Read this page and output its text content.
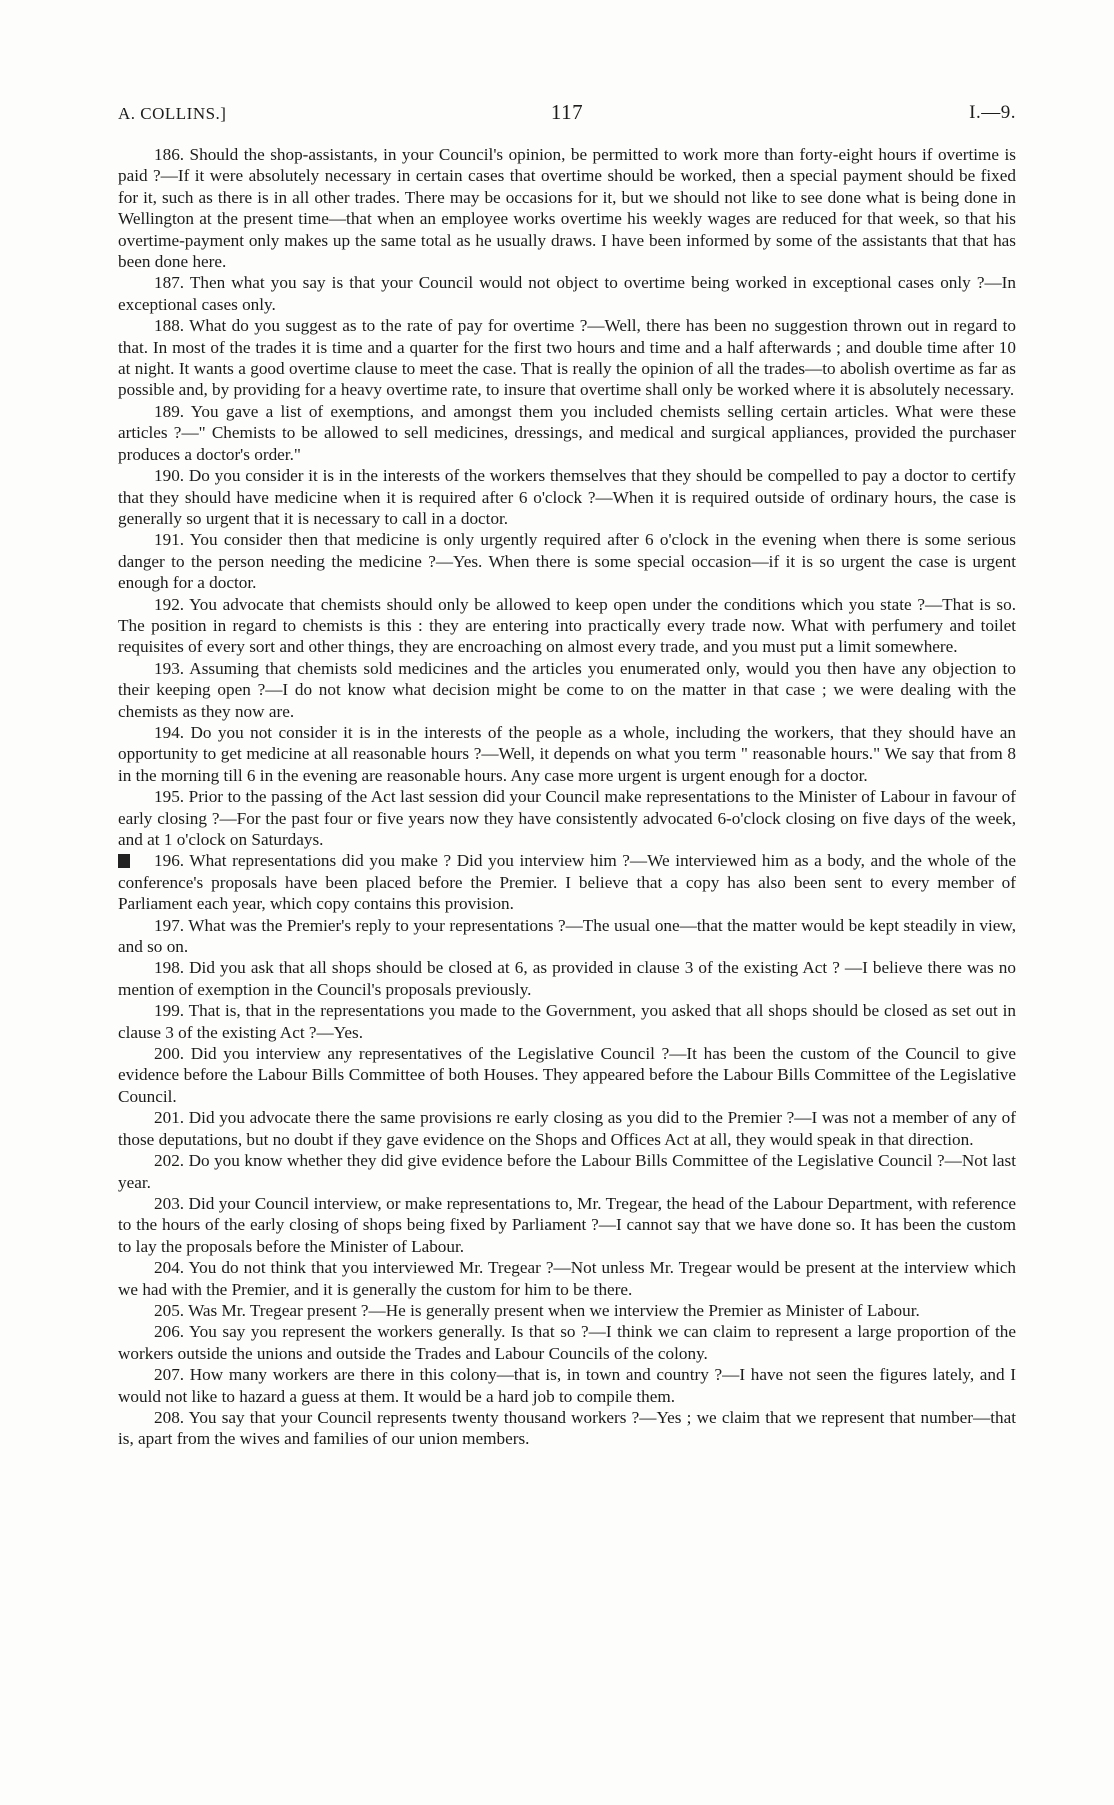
A. COLLINS.]	117	I.—9.

186. Should the shop-assistants, in your Council's opinion, be permitted to work more than forty-eight hours if overtime is paid ?—If it were absolutely necessary in certain cases that overtime should be worked, then a special payment should be fixed for it, such as there is in all other trades. There may be occasions for it, but we should not like to see done what is being done in Wellington at the present time—that when an employee works overtime his weekly wages are reduced for that week, so that his overtime-payment only makes up the same total as he usually draws. I have been informed by some of the assistants that that has been done here.

187. Then what you say is that your Council would not object to overtime being worked in exceptional cases only ?—In exceptional cases only.

188. What do you suggest as to the rate of pay for overtime ?—Well, there has been no suggestion thrown out in regard to that. In most of the trades it is time and a quarter for the first two hours and time and a half afterwards ; and double time after 10 at night. It wants a good overtime clause to meet the case. That is really the opinion of all the trades—to abolish overtime as far as possible and, by providing for a heavy overtime rate, to insure that overtime shall only be worked where it is absolutely necessary.

189. You gave a list of exemptions, and amongst them you included chemists selling certain articles. What were these articles ?—" Chemists to be allowed to sell medicines, dressings, and medical and surgical appliances, provided the purchaser produces a doctor's order."

190. Do you consider it is in the interests of the workers themselves that they should be compelled to pay a doctor to certify that they should have medicine when it is required after 6 o'clock ?—When it is required outside of ordinary hours, the case is generally so urgent that it is necessary to call in a doctor.

191. You consider then that medicine is only urgently required after 6 o'clock in the evening when there is some serious danger to the person needing the medicine ?—Yes. When there is some special occasion—if it is so urgent the case is urgent enough for a doctor.

192. You advocate that chemists should only be allowed to keep open under the conditions which you state ?—That is so. The position in regard to chemists is this : they are entering into practically every trade now. What with perfumery and toilet requisites of every sort and other things, they are encroaching on almost every trade, and you must put a limit somewhere.

193. Assuming that chemists sold medicines and the articles you enumerated only, would you then have any objection to their keeping open ?—I do not know what decision might be come to on the matter in that case ; we were dealing with the chemists as they now are.

194. Do you not consider it is in the interests of the people as a whole, including the workers, that they should have an opportunity to get medicine at all reasonable hours ?—Well, it depends on what you term " reasonable hours." We say that from 8 in the morning till 6 in the evening are reasonable hours. Any case more urgent is urgent enough for a doctor.

195. Prior to the passing of the Act last session did your Council make representations to the Minister of Labour in favour of early closing ?—For the past four or five years now they have consistently advocated 6-o'clock closing on five days of the week, and at 1 o'clock on Saturdays.

196. What representations did you make ? Did you interview him ?—We interviewed him as a body, and the whole of the conference's proposals have been placed before the Premier. I believe that a copy has also been sent to every member of Parliament each year, which copy contains this provision.

197. What was the Premier's reply to your representations ?—The usual one—that the matter would be kept steadily in view, and so on.

198. Did you ask that all shops should be closed at 6, as provided in clause 3 of the existing Act ? —I believe there was no mention of exemption in the Council's proposals previously.

199. That is, that in the representations you made to the Government, you asked that all shops should be closed as set out in clause 3 of the existing Act ?—Yes.

200. Did you interview any representatives of the Legislative Council ?—It has been the custom of the Council to give evidence before the Labour Bills Committee of both Houses. They appeared before the Labour Bills Committee of the Legislative Council.

201. Did you advocate there the same provisions re early closing as you did to the Premier ?—I was not a member of any of those deputations, but no doubt if they gave evidence on the Shops and Offices Act at all, they would speak in that direction.

202. Do you know whether they did give evidence before the Labour Bills Committee of the Legislative Council ?—Not last year.

203. Did your Council interview, or make representations to, Mr. Tregear, the head of the Labour Department, with reference to the hours of the early closing of shops being fixed by Parliament ?—I cannot say that we have done so. It has been the custom to lay the proposals before the Minister of Labour.

204. You do not think that you interviewed Mr. Tregear ?—Not unless Mr. Tregear would be present at the interview which we had with the Premier, and it is generally the custom for him to be there.

205. Was Mr. Tregear present ?—He is generally present when we interview the Premier as Minister of Labour.

206. You say you represent the workers generally. Is that so ?—I think we can claim to represent a large proportion of the workers outside the unions and outside the Trades and Labour Councils of the colony.

207. How many workers are there in this colony—that is, in town and country ?—I have not seen the figures lately, and I would not like to hazard a guess at them. It would be a hard job to compile them.

208. You say that your Council represents twenty thousand workers ?—Yes ; we claim that we represent that number—that is, apart from the wives and families of our union members.
